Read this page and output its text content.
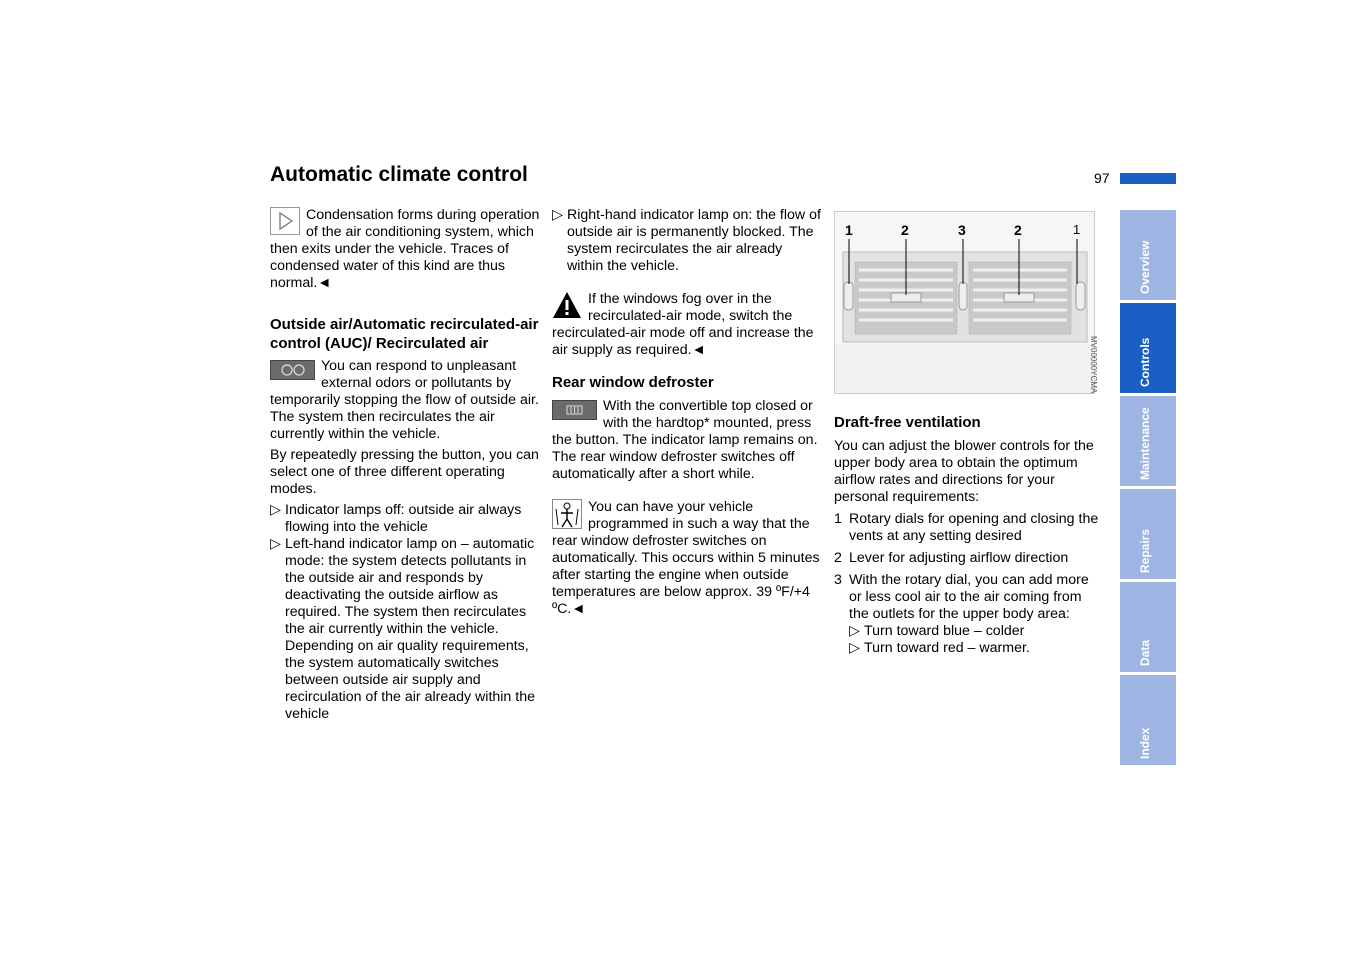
Automatic climate control	97

Condensation forms during operation of the air conditioning system, which then exits under the vehicle. Traces of condensed water of this kind are thus normal.◄

Outside air/Automatic recirculated-air control (AUC)/ Recirculated air

You can respond to unpleasant external odors or pollutants by temporarily stopping the flow of outside air. The system then recirculates the air currently within the vehicle.

By repeatedly pressing the button, you can select one of three different operating modes.

▷ Indicator lamps off: outside air always flowing into the vehicle
▷ Left-hand indicator lamp on – automatic mode: the system detects pollutants in the outside air and responds by deactivating the outside airflow as required. The system then recirculates the air currently within the vehicle.
Depending on air quality requirements, the system automatically switches between outside air supply and recirculation of the air already within the vehicle
▷ Right-hand indicator lamp on: the flow of outside air is permanently blocked. The system recirculates the air already within the vehicle.

If the windows fog over in the recirculated-air mode, switch the recirculated-air mode off and increase the air supply as required.◄

Rear window defroster

With the convertible top closed or with the hardtop* mounted, press the button. The indicator lamp remains on. The rear window defroster switches off automatically after a short while.

You can have your vehicle programmed in such a way that the rear window defroster switches on automatically. This occurs within 5 minutes after starting the engine when outside temperatures are below approx. 39 ºF/+4 ºC.◄

1	2	3	2	1
MV00000YCMA
Draft-free ventilation

You can adjust the blower controls for the upper body area to obtain the optimum airflow rates and directions for your personal requirements:

1 Rotary dials for opening and closing the vents at any setting desired
2 Lever for adjusting airflow direction
3 With the rotary dial, you can add more or less cool air to the air coming from the outlets for the upper body area:
▷ Turn toward blue – colder
▷ Turn toward red – warmer.
Overview
Controls
Maintenance
Repairs
Data
Index
